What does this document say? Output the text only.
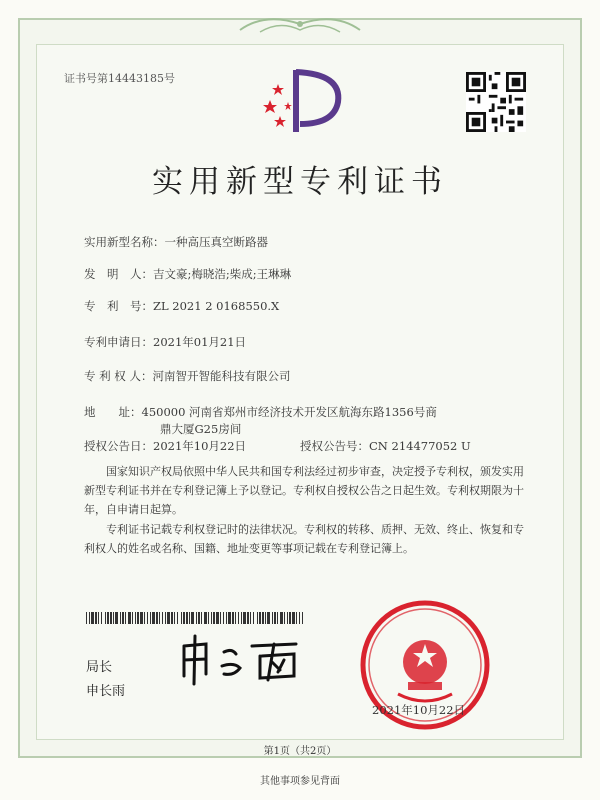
证书号第14443185号
实用新型专利证书
实用新型名称：一种高压真空断路器
发　明　人：吉文豪;梅晓浩;柴成;王琳琳
专　利　号：ZL 2021 2 0168550.X
专利申请日：2021年01月21日
专 利 权 人：河南智开智能科技有限公司
地　　址：450000 河南省郑州市经济技术开发区航海东路1356号商
鼎大厦G25房间
授权公告日：2021年10月22日	授权公告号：CN 214477052 U
国家知识产权局依照中华人民共和国专利法经过初步审查，决定授予专利权，颁发实用新型专利证书并在专利登记簿上予以登记。专利权自授权公告之日起生效。专利权期限为十年，自申请日起算。
专利证书记载专利权登记时的法律状况。专利权的转移、质押、无效、终止、恢复和专利权人的姓名或名称、国籍、地址变更等事项记载在专利登记簿上。
局长
申长雨
2021年10月22日
第1页（共2页）
其他事项参见背面
